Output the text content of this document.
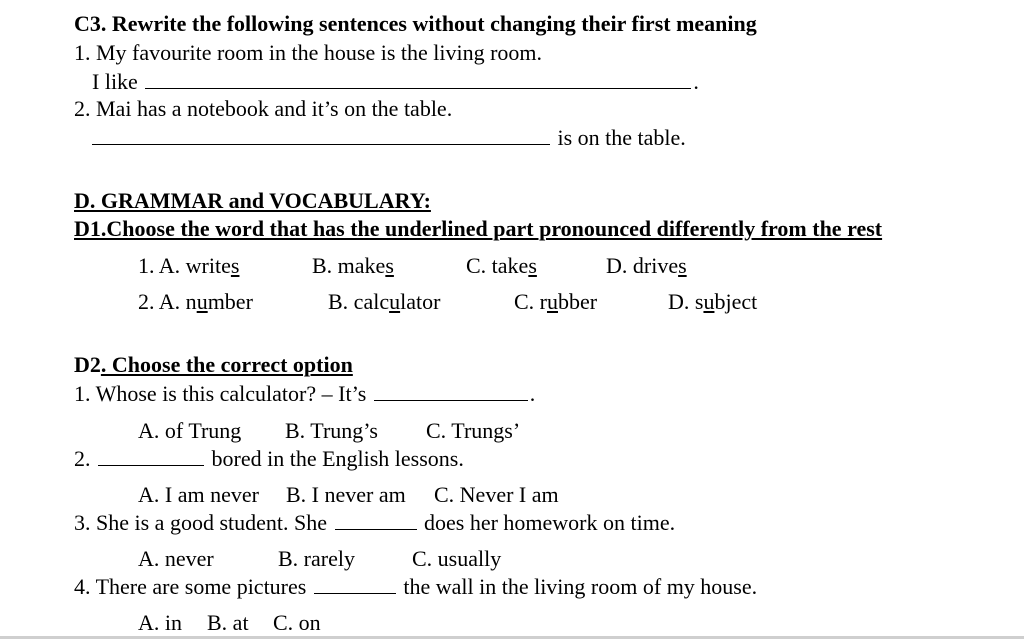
C3. Rewrite the following sentences without changing their first meaning
1. My favourite room in the house is the living room.
I like	.
2. Mai has a notebook and it’s on the table.
is on the table.
D. GRAMMAR and VOCABULARY:
D1.Choose the word that has the underlined part pronounced differently from the rest
1. A. writes	B. makes	C. takes	D. drives
2. A. number	B. calculator	C. rubber	D. subject
D2. Choose the correct option
1. Whose is this calculator? – It’s	.
A. of Trung B. Trung’s C. Trungs’
2.	bored in the English lessons.
A. I am never B. I never am C. Never I am
3. She is a good student. She	does her homework on time.
A. never	B. rarely	C. usually
4. There are some pictures	the wall in the living room of my house.
A. in B. at C. on
